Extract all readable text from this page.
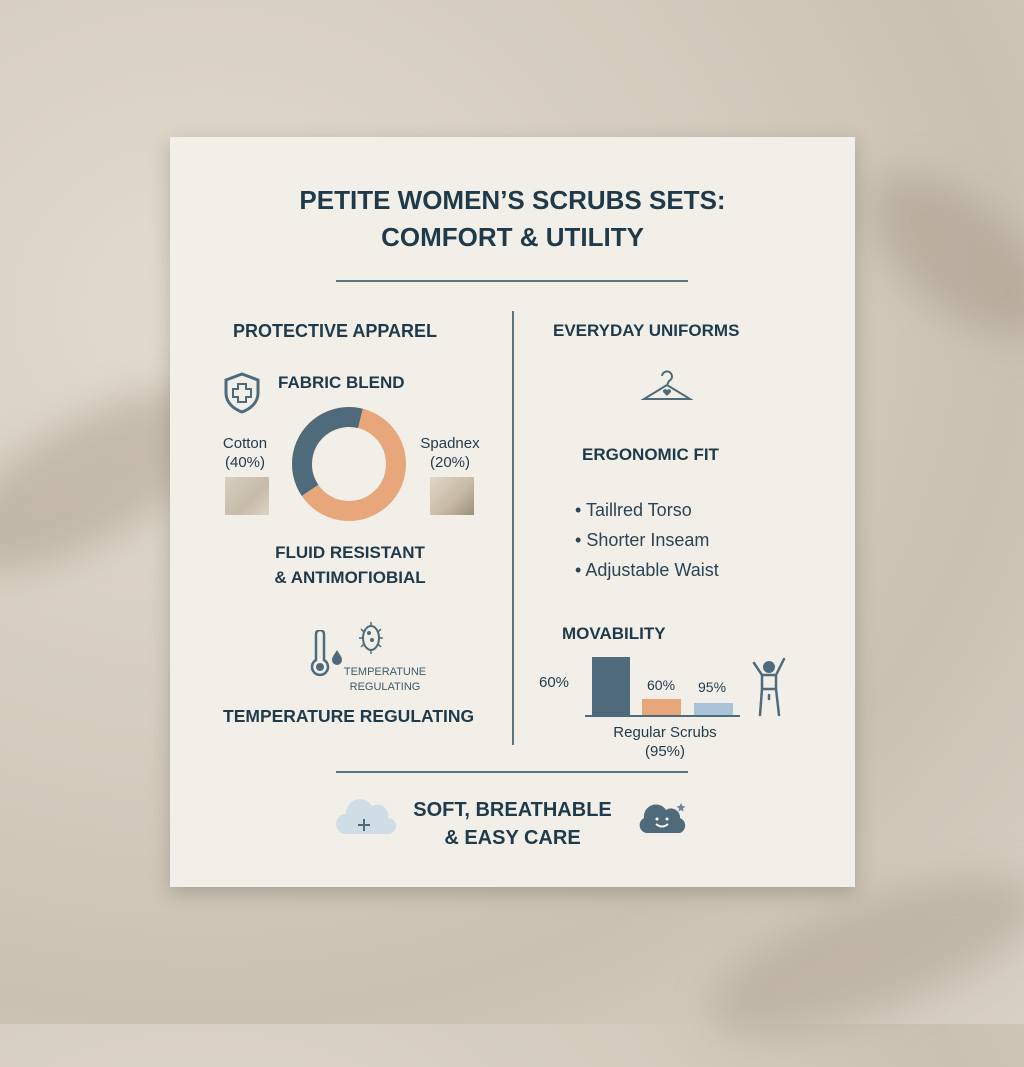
PETITE WOMEN’S SCRUBS SETS:
COMFORT & UTILITY
PROTECTIVE APPAREL
FABRIC BLEND
Cotton
(40%)
Spadnex
(20%)
FLUID RESISTANT
& ANTIMOΓIOBIAL
TEMPERATUNE
REGULATING
TEMPERATURE REGULATING
EVERYDAY UNIFORMS
ERGONOMIC FIT
• Taillred Torso
• Shorter Inseam
• Adjustable Waist
MOVABILITY
60%	60% 95%
Regular Scrubs
(95%)
SOFT, BREATHABLE
& EASY CARE
